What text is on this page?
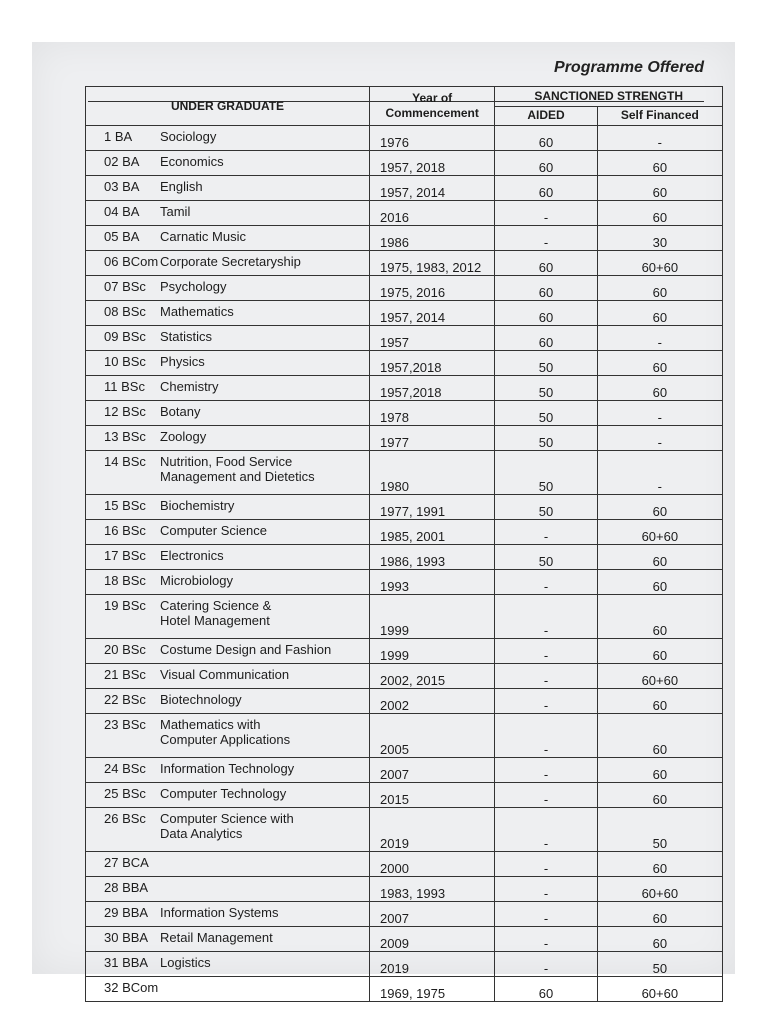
Programme Offered
UNDER GRADUATE	Year of Commencement	SANCTIONED STRENGTH	
		AIDED	Self Financed
1 BA Sociology	1976	60	-
02 BA Economics	1957, 2018	60	60
03 BA English	1957, 2014	60	60
04 BA Tamil	2016	-	60
05 BA Carnatic Music	1986	-	30
06 BCom Corporate Secretaryship	1975, 1983, 2012	60	60+60
07 BSc Psychology	1975, 2016	60	60
08 BSc Mathematics	1957, 2014	60	60
09 BSc Statistics	1957	60	-
10 BSc Physics	1957,2018	50	60
11 BSc Chemistry	1957,2018	50	60
12 BSc Botany	1978	50	-
13 BSc Zoology	1977	50	-
14 BSc Nutrition, Food Service
Management and Dietetics	1980	50	-
15 BSc Biochemistry	1977, 1991	50	60
16 BSc Computer Science	1985, 2001	-	60+60
17 BSc Electronics	1986, 1993	50	60
18 BSc Microbiology	1993	-	60
19 BSc Catering Science &
Hotel Management	1999	-	60
20 BSc Costume Design and Fashion	1999	-	60
21 BSc Visual Communication	2002, 2015	-	60+60
22 BSc Biotechnology	2002	-	60
23 BSc Mathematics with
Computer Applications	2005	-	60
24 BSc Information Technology	2007	-	60
25 BSc Computer Technology	2015	-	60
26 BSc Computer Science with
Data Analytics	2019	-	50
27 BCA	2000	-	60
28 BBA	1983, 1993	-	60+60
29 BBA Information Systems	2007	-	60
30 BBA Retail Management	2009	-	60
31 BBA Logistics	2019	-	50
32 BCom	1969, 1975	60	60+60
